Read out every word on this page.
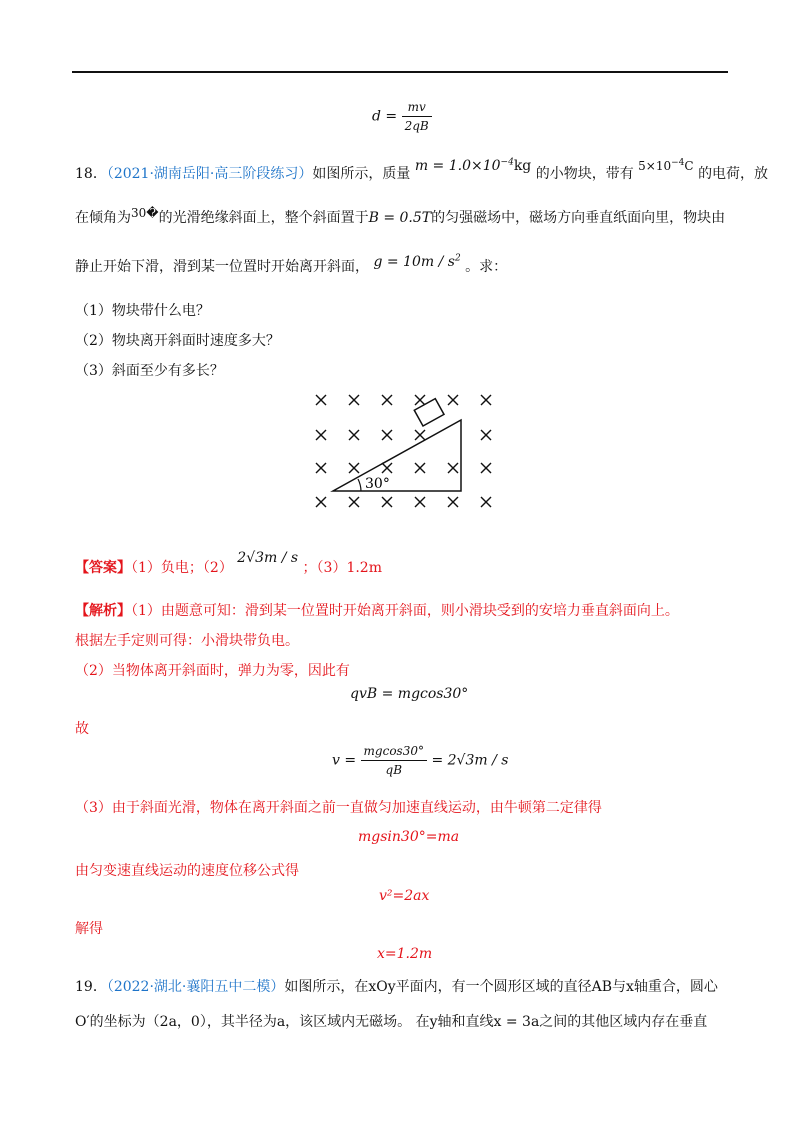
$d = \frac{mv}{2qB}$
18．（2021·湖南岳阳·高三阶段练习）如图所示，质量 $m = 1.0\times 10^{-4}kg$ 的小物块，带有 $5\times 10^{-4}C$ 的电荷，放
在倾角为30�的光滑绝缘斜面上，整个斜面置于B = 0.5T的匀强磁场中，磁场方向垂直纸面向里，物块由
静止开始下滑，滑到某一位置时开始离开斜面， $g = 10m / s^2$ 。求：
（1）物块带什么电？
（2）物块离开斜面时速度多大？
（3）斜面至少有多长？
30°
【答案】（1）负电；（2） 2√3m / s ；（3）1.2m
【解析】（1）由题意可知：滑到某一位置时开始离开斜面，则小滑块受到的安培力垂直斜面向上。
根据左手定则可得：小滑块带负电。
（2）当物体离开斜面时，弹力为零，因此有
qvB = mgcos30°
故
$v = \frac{mgcos30^\circ}{qB} = 2√3m / s$
（3）由于斜面光滑，物体在离开斜面之前一直做匀加速直线运动，由牛顿第二定律得
mgsin30°=ma
由匀变速直线运动的速度位移公式得
v²=2ax
解得
x=1.2m
19．（2022·湖北·襄阳五中二模）如图所示，在xOy平面内，有一个圆形区域的直径AB与x轴重合，圆心
O′的坐标为（2a，0），其半径为a，该区域内无磁场。 在y轴和直线x = 3a之间的其他区域内存在垂直
